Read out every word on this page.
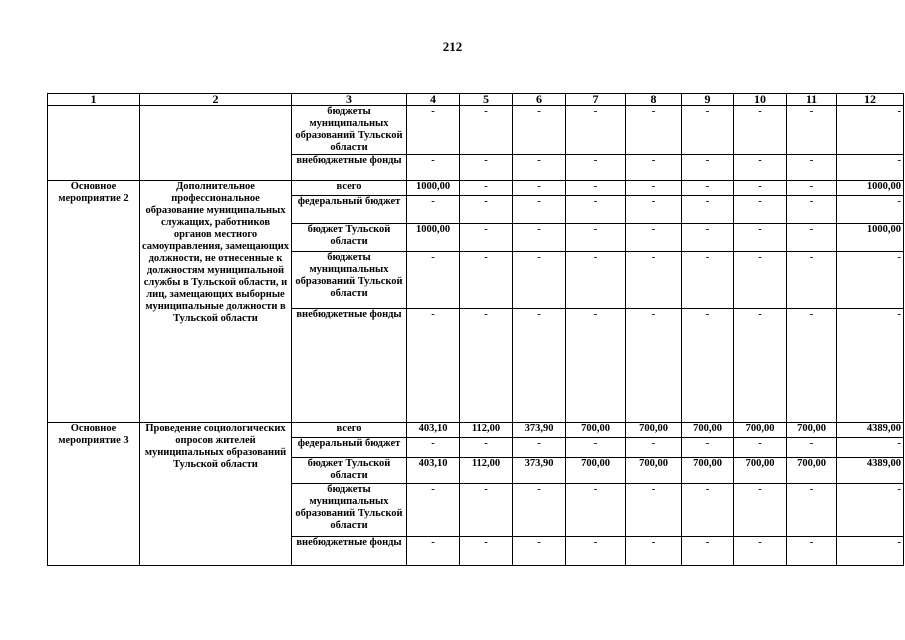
212
1	2	3	4	5	6	7	8	9	10	11	12
		бюджеты муниципальных образований Тульской области	-	-	-	-	-	-	-	-	-
		внебюджетные фонды	-	-	-	-	-	-	-	-	-
Основное мероприятие 2	Дополнительное профессиональное образование муниципальных служащих, работников органов местного самоуправления, замещающих должности, не отнесенные к должностям муниципальной службы в Тульской области, и лиц, замещающих выборные муниципальные должности в Тульской области	всего	1000,00	-	-	-	-	-	-	-	1000,00
		федеральный бюджет	-	-	-	-	-	-	-	-	-
		бюджет Тульской области	1000,00	-	-	-	-	-	-	-	1000,00
		бюджеты муниципальных образований Тульской области	-	-	-	-	-	-	-	-	-
		внебюджетные фонды	-	-	-	-	-	-	-	-	-
Основное мероприятие 3	Проведение социологических опросов жителей муниципальных образований Тульской области	всего	403,10	112,00	373,90	700,00	700,00	700,00	700,00	700,00	4389,00
		федеральный бюджет	-	-	-	-	-	-	-	-	-
		бюджет Тульской области	403,10	112,00	373,90	700,00	700,00	700,00	700,00	700,00	4389,00
		бюджеты муниципальных образований Тульской области	-	-	-	-	-	-	-	-	-
		внебюджетные фонды	-	-	-	-	-	-	-	-	-
